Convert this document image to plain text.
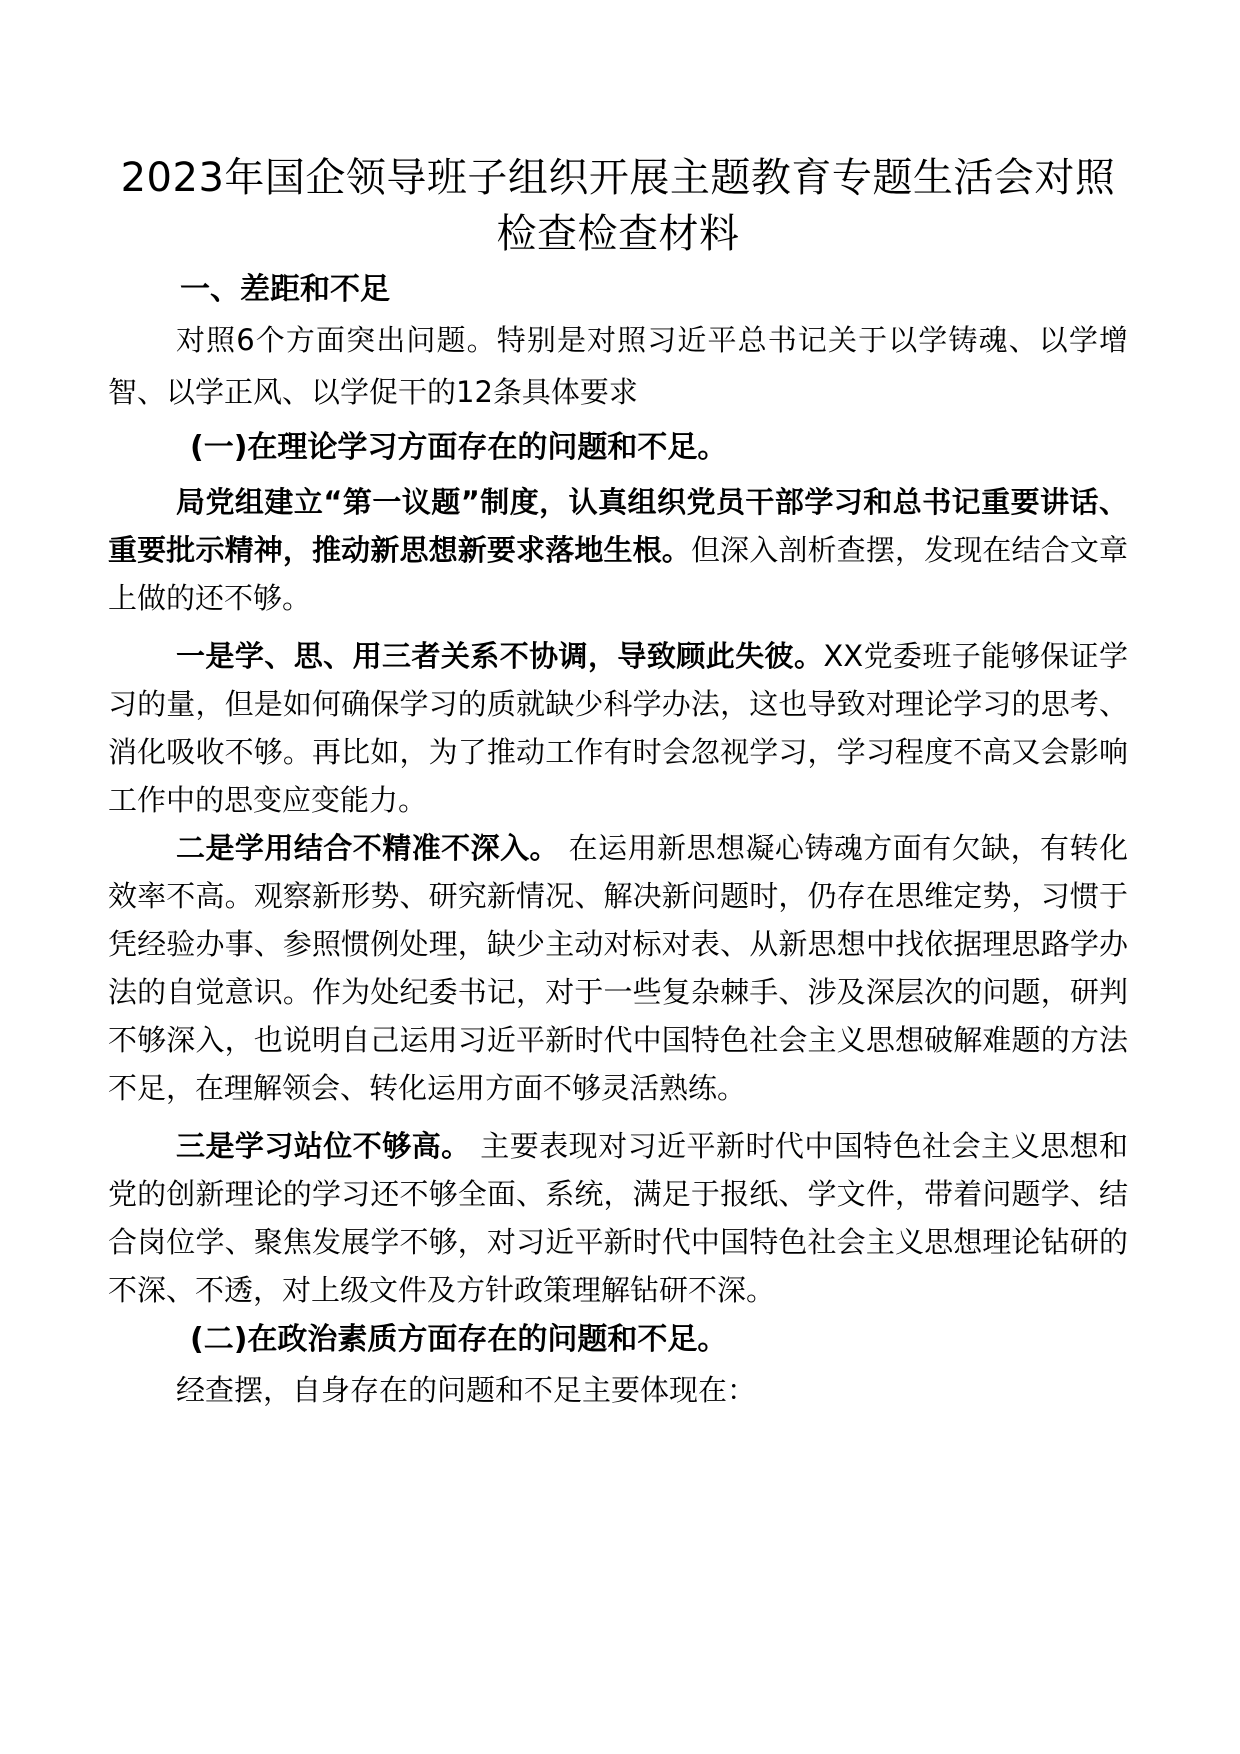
2023年国企领导班子组织开展主题教育专题生活会对照检查检查材料

一、差距和不足

对照6个方面突出问题。特别是对照习近平总书记关于以学铸魂、以学增智、以学正风、以学促干的12条具体要求

(一)在理论学习方面存在的问题和不足。

局党组建立“第一议题”制度，认真组织党员干部学习和总书记重要讲话、重要批示精神，推动新思想新要求落地生根。但深入剖析查摆，发现在结合文章上做的还不够。

一是学、思、用三者关系不协调，导致顾此失彼。XX党委班子能够保证学习的量，但是如何确保学习的质就缺少科学办法，这也导致对理论学习的思考、消化吸收不够。再比如，为了推动工作有时会忽视学习，学习程度不高又会影响工作中的思变应变能力。

二是学用结合不精准不深入。 在运用新思想凝心铸魂方面有欠缺，有转化效率不高。观察新形势、研究新情况、解决新问题时，仍存在思维定势，习惯于凭经验办事、参照惯例处理，缺少主动对标对表、从新思想中找依据理思路学办法的自觉意识。作为处纪委书记，对于一些复杂棘手、涉及深层次的问题，研判不够深入，也说明自己运用习近平新时代中国特色社会主义思想破解难题的方法不足，在理解领会、转化运用方面不够灵活熟练。

三是学习站位不够高。 主要表现对习近平新时代中国特色社会主义思想和党的创新理论的学习还不够全面、系统，满足于报纸、学文件，带着问题学、结合岗位学、聚焦发展学不够，对习近平新时代中国特色社会主义思想理论钻研的不深、不透，对上级文件及方针政策理解钻研不深。

(二)在政治素质方面存在的问题和不足。

经查摆，自身存在的问题和不足主要体现在：
